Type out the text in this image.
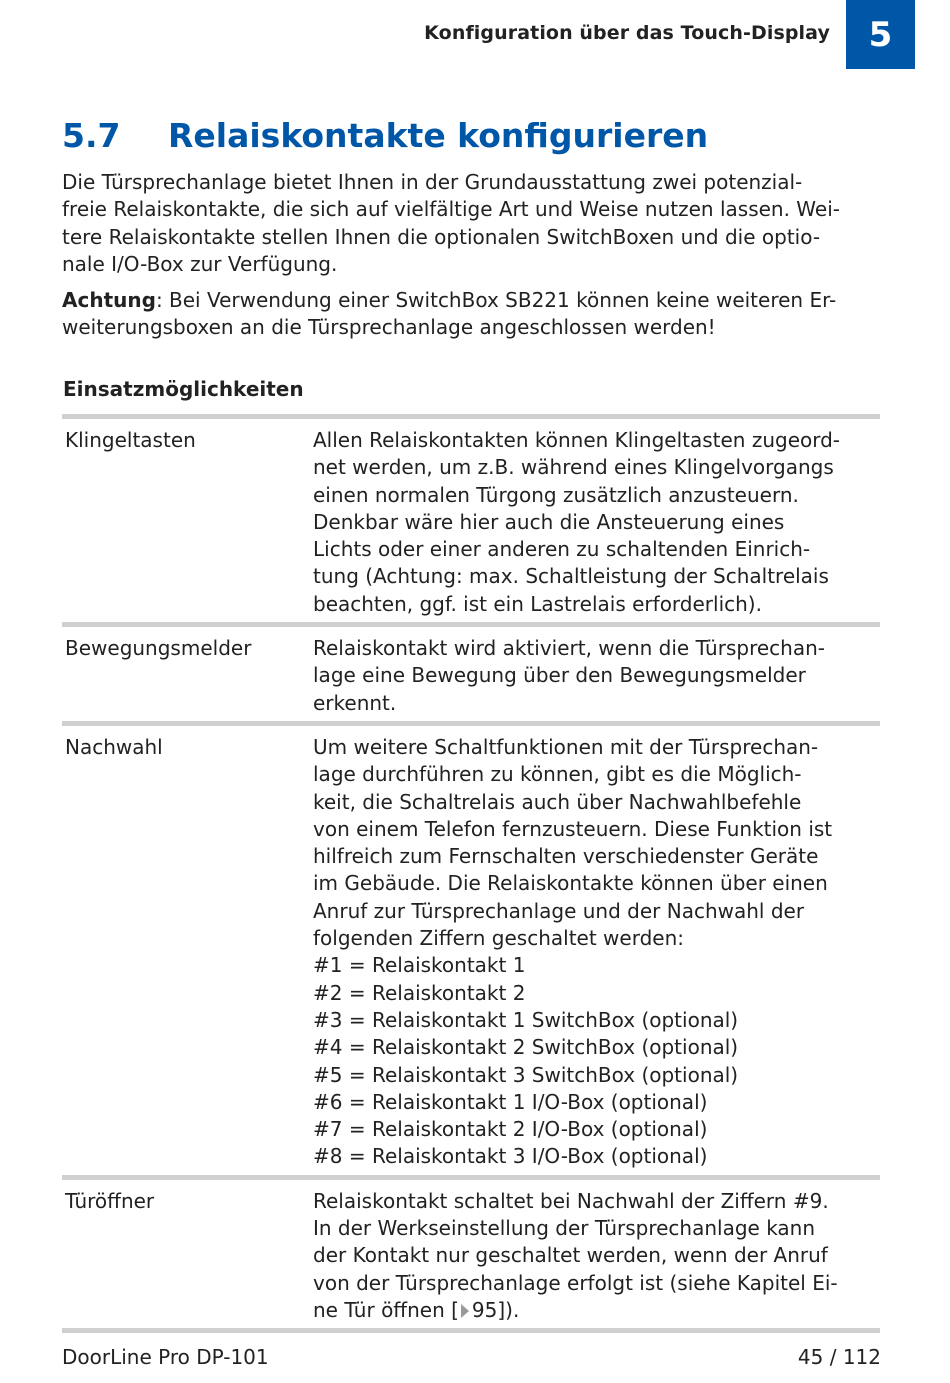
Konfiguration über das Touch-Display	5
5.7 Relaiskontakte konfigurieren

Die Türsprechanlage bietet Ihnen in der Grundausstattung zwei potenzial-
freie Relaiskontakte, die sich auf vielfältige Art und Weise nutzen lassen. Wei-
tere Relaiskontakte stellen Ihnen die optionalen SwitchBoxen und die optio-
nale I/O-Box zur Verfügung.

Achtung: Bei Verwendung einer SwitchBox SB221 können keine weiteren Er-
weiterungsboxen an die Türsprechanlage angeschlossen werden!

Einsatzmöglichkeiten
Klingeltasten	Allen Relaiskontakten können Klingeltasten zugeord-
net werden, um z.B. während eines Klingelvorgangs
einen normalen Türgong zusätzlich anzusteuern.
Denkbar wäre hier auch die Ansteuerung eines
Lichts oder einer anderen zu schaltenden Einrich-
tung (Achtung: max. Schaltleistung der Schaltrelais
beachten, ggf. ist ein Lastrelais erforderlich).
Bewegungsmelder	Relaiskontakt wird aktiviert, wenn die Türsprechan-
lage eine Bewegung über den Bewegungsmelder
erkennt.
Nachwahl	Um weitere Schaltfunktionen mit der Türsprechan-
lage durchführen zu können, gibt es die Möglich-
keit, die Schaltrelais auch über Nachwahlbefehle
von einem Telefon fernzusteuern. Diese Funktion ist
hilfreich zum Fernschalten verschiedenster Geräte
im Gebäude. Die Relaiskontakte können über einen
Anruf zur Türsprechanlage und der Nachwahl der
folgenden Ziffern geschaltet werden:
#1 = Relaiskontakt 1
#2 = Relaiskontakt 2
#3 = Relaiskontakt 1 SwitchBox (optional)
#4 = Relaiskontakt 2 SwitchBox (optional)
#5 = Relaiskontakt 3 SwitchBox (optional)
#6 = Relaiskontakt 1 I/O-Box (optional)
#7 = Relaiskontakt 2 I/O-Box (optional)
#8 = Relaiskontakt 3 I/O-Box (optional)
Türöffner	Relaiskontakt schaltet bei Nachwahl der Ziffern #9.
In der Werkseinstellung der Türsprechanlage kann
der Kontakt nur geschaltet werden, wenn der Anruf
von der Türsprechanlage erfolgt ist (siehe Kapitel Ei-
ne Tür öffnen [ 95]).
DoorLine Pro DP-101	45 / 112
